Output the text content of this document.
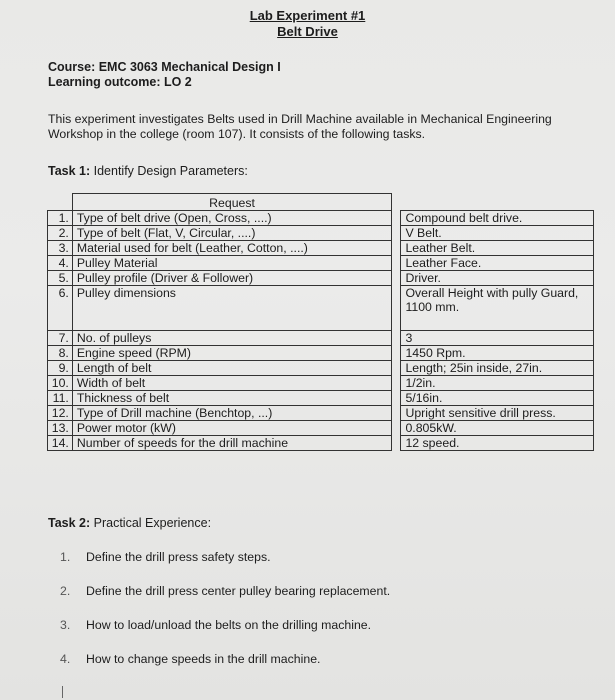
Lab Experiment #1
Belt Drive
Course: EMC 3063 Mechanical Design I
Learning outcome: LO 2
This experiment investigates Belts used in Drill Machine available in Mechanical Engineering Workshop in the college (room 107). It consists of the following tasks.
Task 1: Identify Design Parameters:
	Request		
1.	Type of belt drive (Open, Cross, ....)		Compound belt drive.
2.	Type of belt (Flat, V, Circular, ....)		V Belt.
3.	Material used for belt (Leather, Cotton, ....)		Leather Belt.
4.	Pulley Material		Leather Face.
5.	Pulley profile (Driver & Follower)		Driver.
6.	Pulley dimensions		Overall Height with pully Guard, 1100 mm.
7.	No. of pulleys		3
8.	Engine speed (RPM)		1450 Rpm.
9.	Length of belt		Length; 25in inside, 27in.
10.	Width of belt		1/2in.
11.	Thickness of belt		5/16in.
12.	Type of Drill machine (Benchtop, ...)		Upright sensitive drill press.
13.	Power motor (kW)		0.805kW.
14.	Number of speeds for the drill machine		12 speed.
Task 2: Practical Experience:
1. Define the drill press safety steps.
2. Define the drill press center pulley bearing replacement.
3. How to load/unload the belts on the drilling machine.
4. How to change speeds in the drill machine.
